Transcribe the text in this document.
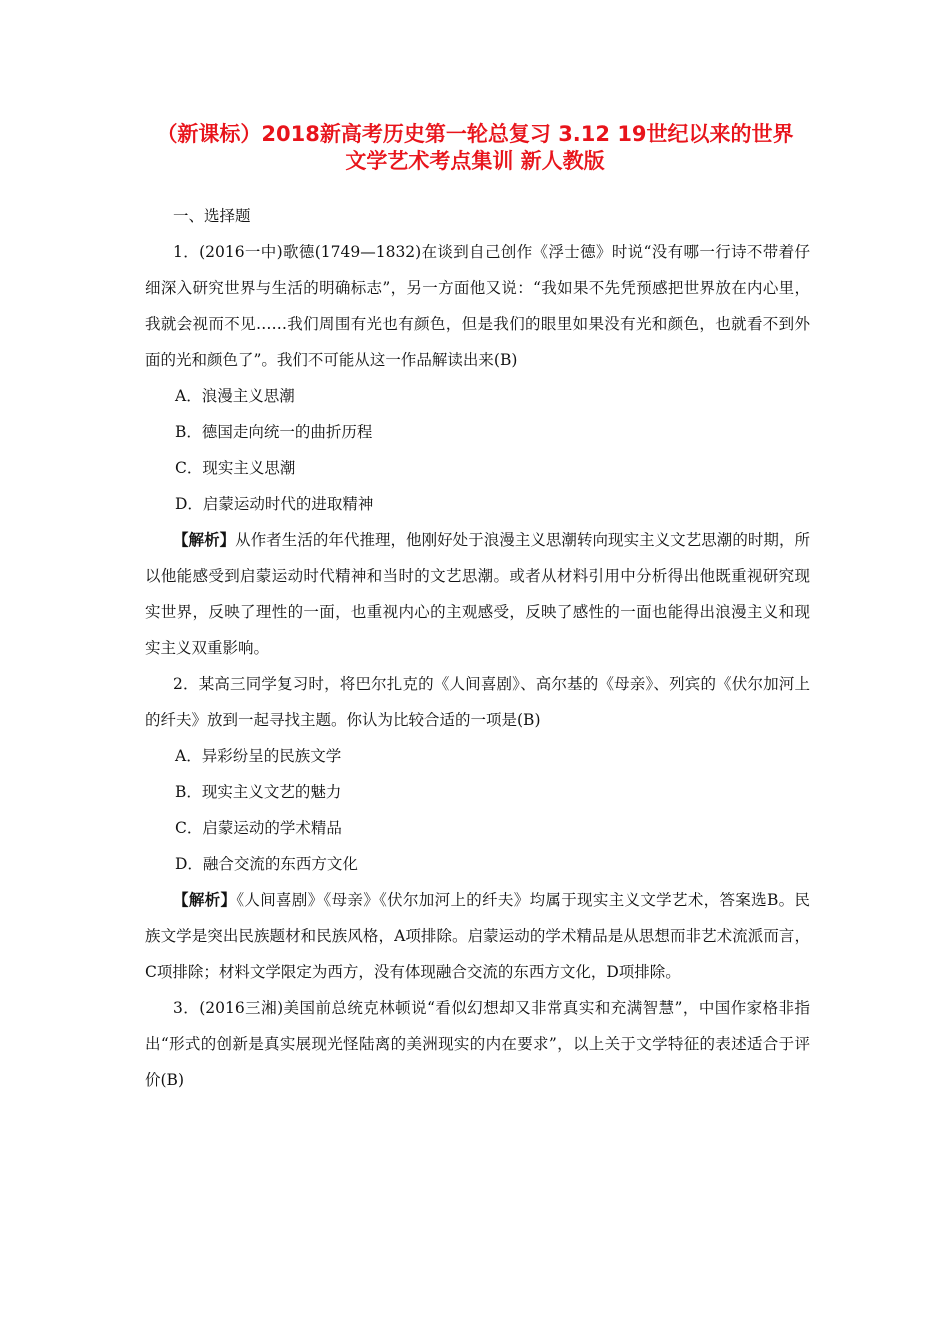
（新课标）2018新高考历史第一轮总复习 3.12 19世纪以来的世界
文学艺术考点集训 新人教版

一、选择题

1．(2016一中)歌德(1749—1832)在谈到自己创作《浮士德》时说“没有哪一行诗不带着仔细深入研究世界与生活的明确标志”，另一方面他又说：“我如果不先凭预感把世界放在内心里，我就会视而不见……我们周围有光也有颜色，但是我们的眼里如果没有光和颜色，也就看不到外面的光和颜色了”。我们不可能从这一作品解读出来(B)

A．浪漫主义思潮

B．德国走向统一的曲折历程

C．现实主义思潮

D．启蒙运动时代的进取精神

【解析】从作者生活的年代推理，他刚好处于浪漫主义思潮转向现实主义文艺思潮的时期，所以他能感受到启蒙运动时代精神和当时的文艺思潮。或者从材料引用中分析得出他既重视研究现实世界，反映了理性的一面，也重视内心的主观感受，反映了感性的一面也能得出浪漫主义和现实主义双重影响。

2．某高三同学复习时，将巴尔扎克的《人间喜剧》、高尔基的《母亲》、列宾的《伏尔加河上的纤夫》放到一起寻找主题。你认为比较合适的一项是(B)

A．异彩纷呈的民族文学

B．现实主义文艺的魅力

C．启蒙运动的学术精品

D．融合交流的东西方文化

【解析】《人间喜剧》《母亲》《伏尔加河上的纤夫》均属于现实主义文学艺术，答案选B。民族文学是突出民族题材和民族风格，A项排除。启蒙运动的学术精品是从思想而非艺术流派而言，C项排除；材料文学限定为西方，没有体现融合交流的东西方文化，D项排除。

3．(2016三湘)美国前总统克林顿说“看似幻想却又非常真实和充满智慧”，中国作家格非指出“形式的创新是真实展现光怪陆离的美洲现实的内在要求”，以上关于文学特征的表述适合于评价(B)
